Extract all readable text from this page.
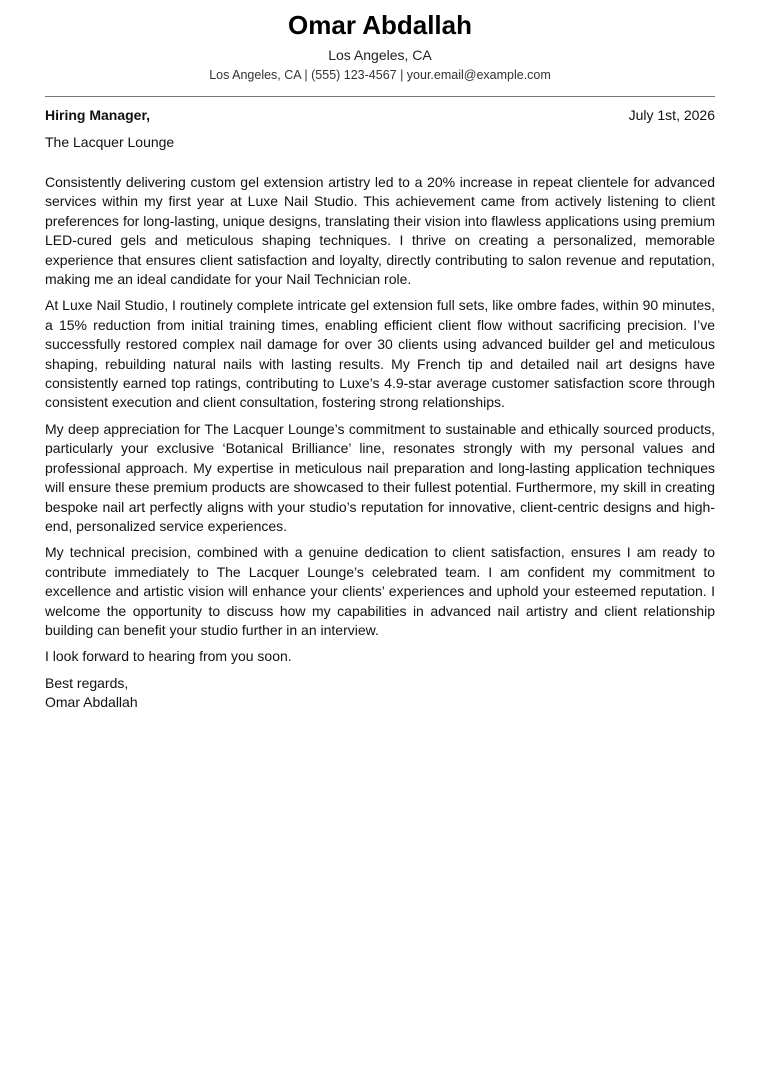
Omar Abdallah
Los Angeles, CA
Los Angeles, CA | (555) 123-4567 | your.email@example.com
Hiring Manager,	July 1st, 2026
The Lacquer Lounge

Consistently delivering custom gel extension artistry led to a 20% increase in repeat clientele for advanced services within my first year at Luxe Nail Studio. This achievement came from actively listening to client preferences for long-lasting, unique designs, translating their vision into flawless applications using premium LED-cured gels and meticulous shaping techniques. I thrive on creating a personalized, memorable experience that ensures client satisfaction and loyalty, directly contributing to salon revenue and reputation, making me an ideal candidate for your Nail Technician role.

At Luxe Nail Studio, I routinely complete intricate gel extension full sets, like ombre fades, within 90 minutes, a 15% reduction from initial training times, enabling efficient client flow without sacrificing precision. I’ve successfully restored complex nail damage for over 30 clients using advanced builder gel and meticulous shaping, rebuilding natural nails with lasting results. My French tip and detailed nail art designs have consistently earned top ratings, contributing to Luxe’s 4.9-star average customer satisfaction score through consistent execution and client consultation, fostering strong relationships.

My deep appreciation for The Lacquer Lounge’s commitment to sustainable and ethically sourced products, particularly your exclusive ‘Botanical Brilliance’ line, resonates strongly with my personal values and professional approach. My expertise in meticulous nail preparation and long-lasting application techniques will ensure these premium products are showcased to their fullest potential. Furthermore, my skill in creating bespoke nail art perfectly aligns with your studio’s reputation for innovative, client-centric designs and high-end, personalized service experiences.

My technical precision, combined with a genuine dedication to client satisfaction, ensures I am ready to contribute immediately to The Lacquer Lounge’s celebrated team. I am confident my commitment to excellence and artistic vision will enhance your clients’ experiences and uphold your esteemed reputation. I welcome the opportunity to discuss how my capabilities in advanced nail artistry and client relationship building can benefit your studio further in an interview.

I look forward to hearing from you soon.

Best regards,
Omar Abdallah
